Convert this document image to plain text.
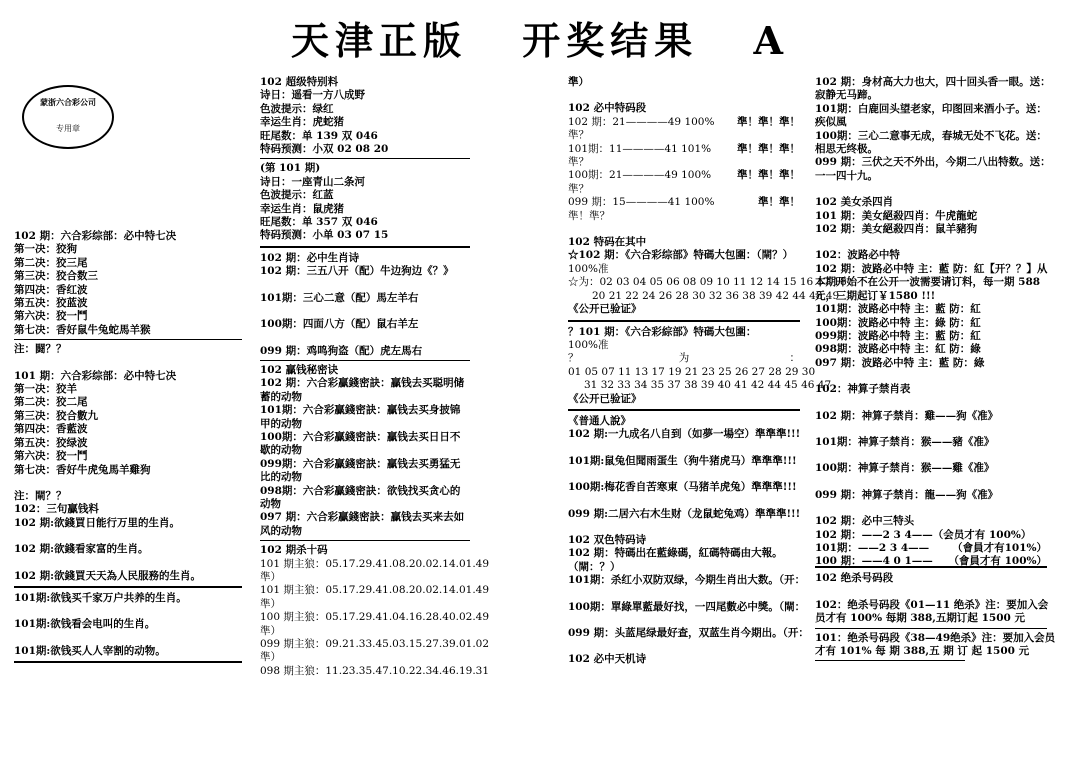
天津正版 开奖结果 A
蒙浙六合彩公司
专用章
102 期：六合彩综部：必中特七决
第一决：狡狗
第二决：狡三尾
第三决：狡合数三
第四决：香红波
第五决：狡蓝波
第六决：狡一鬥
第七决：香好鼠牛兔蛇馬羊猴
注：闘？？
101 期：六合彩综部：必中特七决
第一决：狡羊
第二决：狡二尾
第三决：狡合數九
第四决：香藍波
第五决：狡绿波
第六决：狡一鬥
第七决：香好牛虎兔馬羊雞狗
注：閘？？
102：三句贏钱料
102 期:欲錢買日能行万里的生肖。
102 期:欲錢看家富的生肖。
102 期:欲錢買天天為人民服務的生肖。
101期:欲钱买千家万户共养的生肖。
101期:欲钱看会电叫的生肖。
101期:欲钱买人人宰割的动物。
102 超级特别料
诗日：遥看一方八成野
色波提示：绿红
幸运生肖：虎蛇猪
旺尾数：单 139 双 046
特码预测：小双 02 08 20
(第 101 期)
诗日：一座青山二条河
色波提示：红蓝
幸运生肖：鼠虎猪
旺尾数：单 357 双 046
特码预测：小单 03 07 15
102 期：必中生肖诗
102 期：三五八开（配）牛边狗边《？》
101期：三心二意（配）馬左羊右
100期：四面八方（配）鼠右羊左
099 期：鸡鸣狗盗（配）虎左馬右
102 贏钱秘密诀
102 期：六合彩贏錢密訣：贏钱去买聪明储蓄的动物
101期：六合彩贏錢密訣：贏钱去买身披锦甲的动物
100期：六合彩贏錢密訣：贏钱去买日日不歇的动物
099期：六合彩贏錢密訣：贏钱去买勇猛无比的动物
098期：六合彩贏錢密訣：欲钱找买贪心的动物
097 期：六合彩贏錢密訣：贏钱去买来去如风的动物
102 期杀十码
101 期主狼：05.17.29.41.08.20.02.14.01.49
準）
101 期主狼：05.17.29.41.08.20.02.14.01.49
準）
100 期主狼：05.17.29.41.04.16.28.40.02.49
準）
099 期主狼：09.21.33.45.03.15.27.39.01.02
準）
098 期主狼：11.23.35.47.10.22.34.46.19.31
準）
102 必中特码段
102 期：21————49 100% 準！準！準！
準？
101期：11————41 101% 準！準！準！
準？
100期：21————49 100% 準！準！準！
準？
099 期：15————41 100%	準！準！
準！準？
102 特码在其中
☆102 期：《六合彩综部》特碼大包圍：（閘？）
100%准
☆为：02 03 04 05 06 08 09 10 11 12 14 15 16 17 18
20 21 22 24 26 28 30 32 36 38 39 42 44 48 49
《公开已验证》
？101 期：《六合彩綜部》特碼大包圍：
100%准
？	为	：
01 05 07 11 13 17 19 21 23 25 26 27 28 29 30
31 32 33 34 35 37 38 39 40 41 42 44 45 46 47
《公开已验证》
《普通人說》
102 期:一九成名八自到（如夢一場空）準準準!!!
101期:鼠兔但聞雨蛋生（狗牛猪虎马）準準準!!!
100期:梅花香自苦寒東（马猪羊虎兔）準準準!!!
099 期:二居六右木生财（龙鼠蛇兔鸡）準準準!!!
102 双色特码诗
102 期：特碼出在藍綠碼，紅碼特碼由大報。
（閘：？）
101期：杀红小双防双绿，今期生肖出大数。（开：
100期：單綠單藍最好找，一四尾數必中獎。（閘：
099 期：头蓝尾绿最好查，双蓝生肖今期出。（开：
102 必中天机诗
102 期：身材高大力也大，四十回头香一眼。送：
寂静无马蹄。
101期：白鹿回头望老家，印图回来酒小子。送：
疾似風
100期：三心二意事无成，春城无处不飞花。送：
相思无终极。
099 期：三伏之天不外出，今期二八出特数。送：
一一四十九。
102 美女杀四肖
101 期：美女絕殺四肖：牛虎龍蛇
102 期：美女絕殺四肖：鼠羊豬狗
102：波路必中特
102 期：波路必中特 主：藍 防：紅【开？？】从
本期开始不在公开一波需要请订料，每一期 588
元，三期起订￥1580 !!!
101期：波路必中特 主：藍 防：紅
100期：波路必中特 主：綠 防：紅
099期：波路必中特 主：藍 防：紅
098期：波路必中特 主：紅 防：綠
097 期：波路必中特 主：藍 防：綠
102：神算子禁肖表
102 期：神算子禁肖：雞——狗《准》
101期：神算子禁肖：猴——豬《准》
100期：神算子禁肖：猴——雞《准》
099 期：神算子禁肖：龍——狗《准》
102 期：必中三特头
102 期：——2 3 4——（会员才有 100%）
101期：——2 3 4—— （會員才有101%）
100 期：——4 0 1—— （會員才有 100%）
102 绝杀号码段
102：绝杀号码段《01—11 绝杀》注：要加入会
员才有 100% 每期 388,五期订起 1500 元
101：绝杀号码段《38—49绝杀》注：要加入会员
才有 101% 每 期 388,五 期 订 起 1500 元
